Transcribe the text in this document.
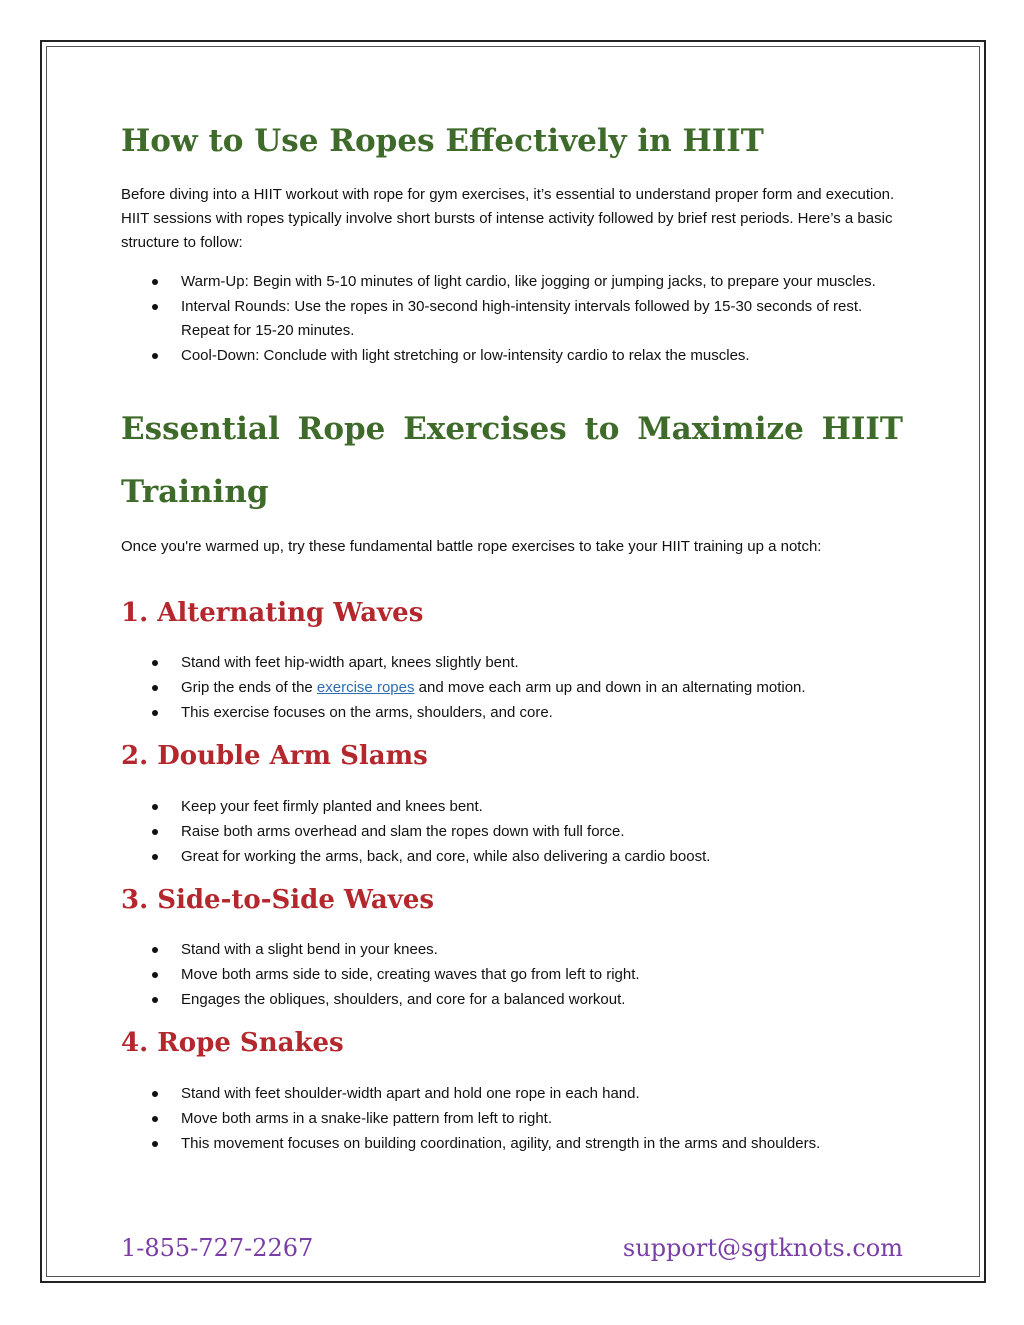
How to Use Ropes Effectively in HIIT

Before diving into a HIIT workout with rope for gym exercises, it’s essential to understand proper form and execution. HIIT sessions with ropes typically involve short bursts of intense activity followed by brief rest periods. Here’s a basic structure to follow:

Warm-Up: Begin with 5-10 minutes of light cardio, like jogging or jumping jacks, to prepare your muscles.
Interval Rounds: Use the ropes in 30-second high-intensity intervals followed by 15-30 seconds of rest. Repeat for 15-20 minutes.
Cool-Down: Conclude with light stretching or low-intensity cardio to relax the muscles.
Essential Rope Exercises to Maximize HIIT Training

Once you're warmed up, try these fundamental battle rope exercises to take your HIIT training up a notch:

1. Alternating Waves
Stand with feet hip-width apart, knees slightly bent.
Grip the ends of the exercise ropes and move each arm up and down in an alternating motion.
This exercise focuses on the arms, shoulders, and core.
2. Double Arm Slams
Keep your feet firmly planted and knees bent.
Raise both arms overhead and slam the ropes down with full force.
Great for working the arms, back, and core, while also delivering a cardio boost.
3. Side-to-Side Waves
Stand with a slight bend in your knees.
Move both arms side to side, creating waves that go from left to right.
Engages the obliques, shoulders, and core for a balanced workout.
4. Rope Snakes
Stand with feet shoulder-width apart and hold one rope in each hand.
Move both arms in a snake-like pattern from left to right.
This movement focuses on building coordination, agility, and strength in the arms and shoulders.

1-855-727-2267	support@sgtknots.com
